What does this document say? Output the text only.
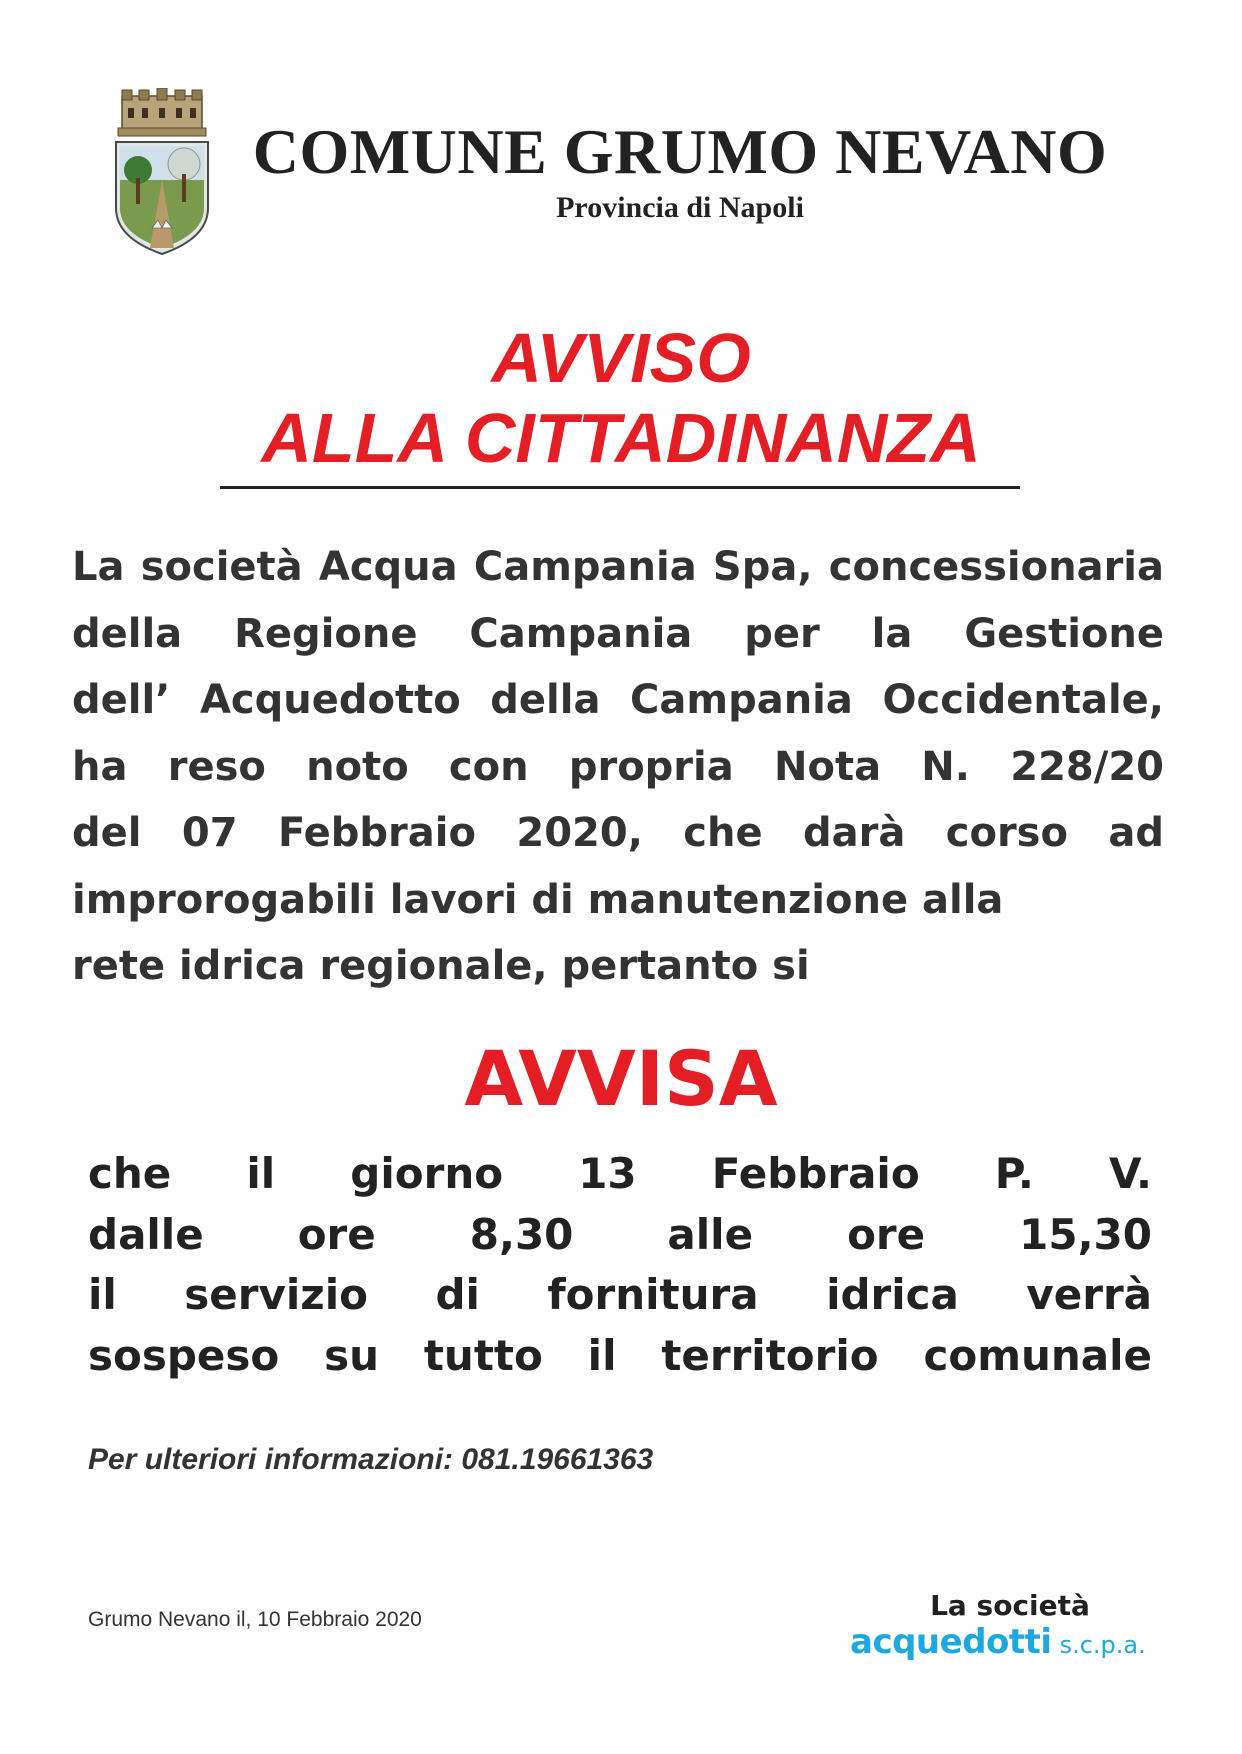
COMUNE GRUMO NEVANO
Provincia di Napoli
AVVISO
ALLA CITTADINANZA
La società Acqua Campania Spa, concessionaria
della Regione Campania per la Gestione
dell’ Acquedotto della Campania Occidentale,
ha reso noto con propria Nota N. 228/20
del 07 Febbraio 2020, che darà corso ad
improrogabili lavori di manutenzione alla
rete idrica regionale, pertanto si
AVVISA
che il giorno 13 Febbraio P. V.
dalle ore 8,30 alle ore 15,30
il servizio di fornitura idrica verrà
sospeso su tutto il territorio comunale
Per ulteriori informazioni: 081.19661363
Grumo Nevano il, 10 Febbraio 2020	La società
acquedotti s.c.p.a.
